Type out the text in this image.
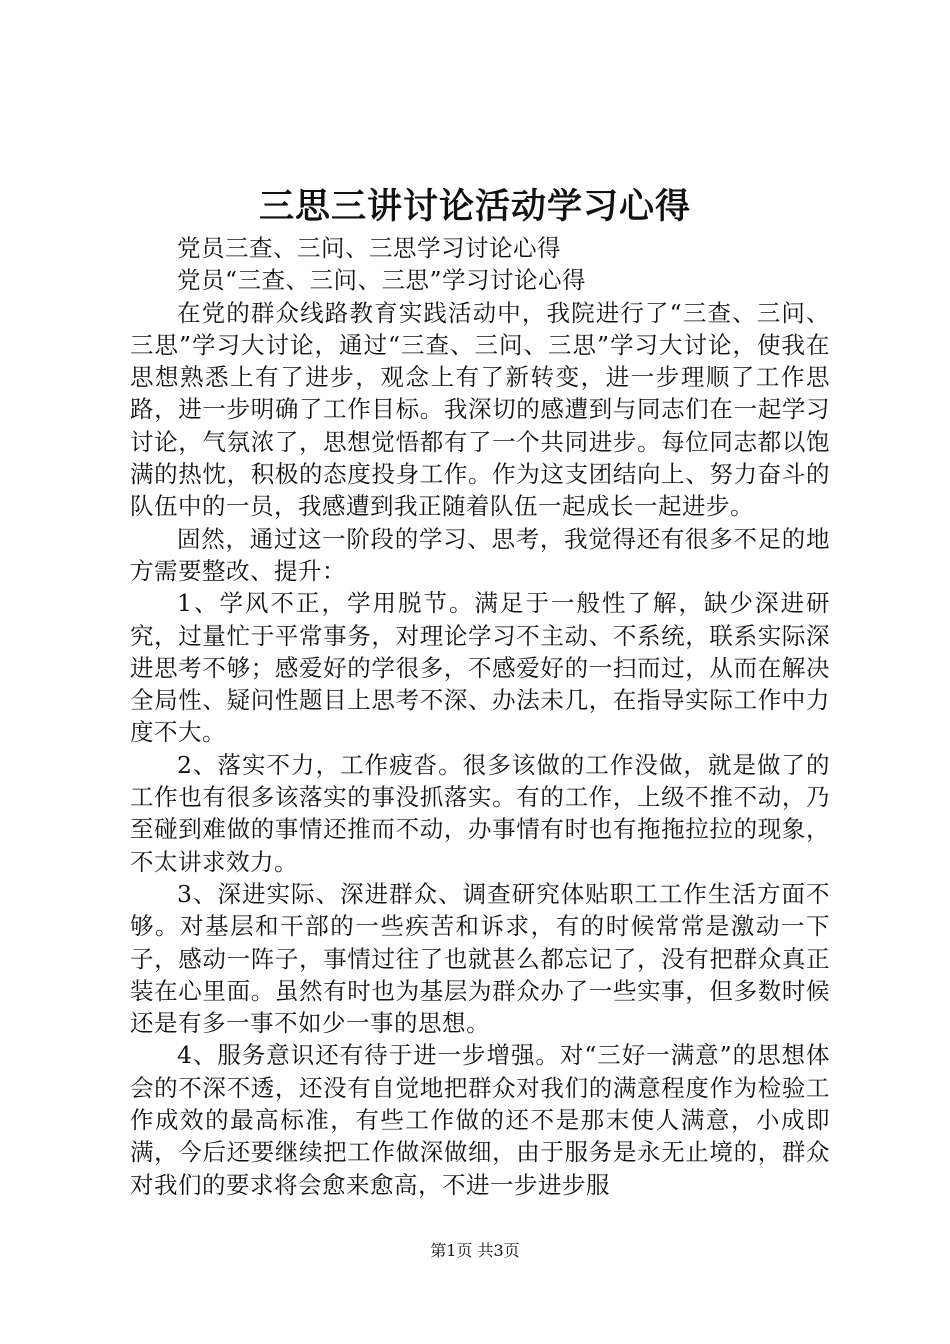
三思三讲讨论活动学习心得

党员三查、三问、三思学习讨论心得

党员“三查、三问、三思”学习讨论心得

在党的群众线路教育实践活动中，我院进行了“三查、三问、三思”学习大讨论，通过“三查、三问、三思”学习大讨论，使我在思想熟悉上有了进步，观念上有了新转变，进一步理顺了工作思路，进一步明确了工作目标。我深切的感遭到与同志们在一起学习讨论，气氛浓了，思想觉悟都有了一个共同进步。每位同志都以饱满的热忱，积极的态度投身工作。作为这支团结向上、努力奋斗的队伍中的一员，我感遭到我正随着队伍一起成长一起进步。

固然，通过这一阶段的学习、思考，我觉得还有很多不足的地方需要整改、提升：

1、学风不正，学用脱节。满足于一般性了解，缺少深进研究，过量忙于平常事务，对理论学习不主动、不系统，联系实际深进思考不够；感爱好的学很多，不感爱好的一扫而过，从而在解决全局性、疑问性题目上思考不深、办法未几，在指导实际工作中力度不大。

2、落实不力，工作疲沓。很多该做的工作没做，就是做了的工作也有很多该落实的事没抓落实。有的工作，上级不推不动，乃至碰到难做的事情还推而不动，办事情有时也有拖拖拉拉的现象，不太讲求效力。

3、深进实际、深进群众、调查研究体贴职工工作生活方面不够。对基层和干部的一些疾苦和诉求，有的时候常常是激动一下子，感动一阵子，事情过往了也就甚么都忘记了，没有把群众真正装在心里面。虽然有时也为基层为群众办了一些实事，但多数时候还是有多一事不如少一事的思想。

4、服务意识还有待于进一步增强。对“三好一满意”的思想体会的不深不透，还没有自觉地把群众对我们的满意程度作为检验工作成效的最高标准，有些工作做的还不是那末使人满意，小成即满，今后还要继续把工作做深做细，由于服务是永无止境的，群众对我们的要求将会愈来愈高，不进一步进步服

第1页 共3页
